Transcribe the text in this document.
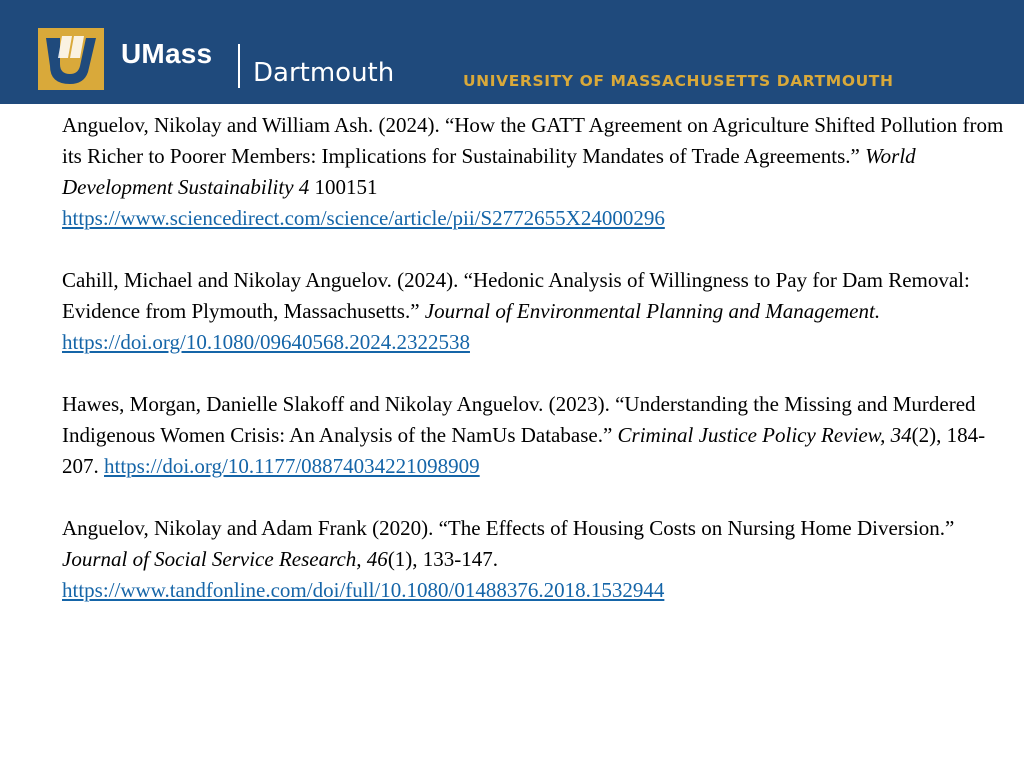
UMass
Dartmouth	UNIVERSITY OF MASSACHUSETTS DARTMOUTH

Anguelov, Nikolay and William Ash. (2024). “How the GATT Agreement on Agriculture Shifted Pollution from its Richer to Poorer Members: Implications for Sustainability Mandates of Trade Agreements.” World Development Sustainability 4 100151
https://www.sciencedirect.com/science/article/pii/S2772655X24000296

Cahill, Michael and Nikolay Anguelov. (2024). “Hedonic Analysis of Willingness to Pay for Dam Removal: Evidence from Plymouth, Massachusetts.” Journal of Environmental Planning and Management. https://doi.org/10.1080/09640568.2024.2322538

Hawes, Morgan, Danielle Slakoff and Nikolay Anguelov. (2023). “Understanding the Missing and Murdered Indigenous Women Crisis: An Analysis of the NamUs Database.” Criminal Justice Policy Review, 34(2), 184-207. https://doi.org/10.1177/08874034221098909

Anguelov, Nikolay and Adam Frank (2020). “The Effects of Housing Costs on Nursing Home Diversion.” Journal of Social Service Research, 46(1), 133-147.
https://www.tandfonline.com/doi/full/10.1080/01488376.2018.1532944
